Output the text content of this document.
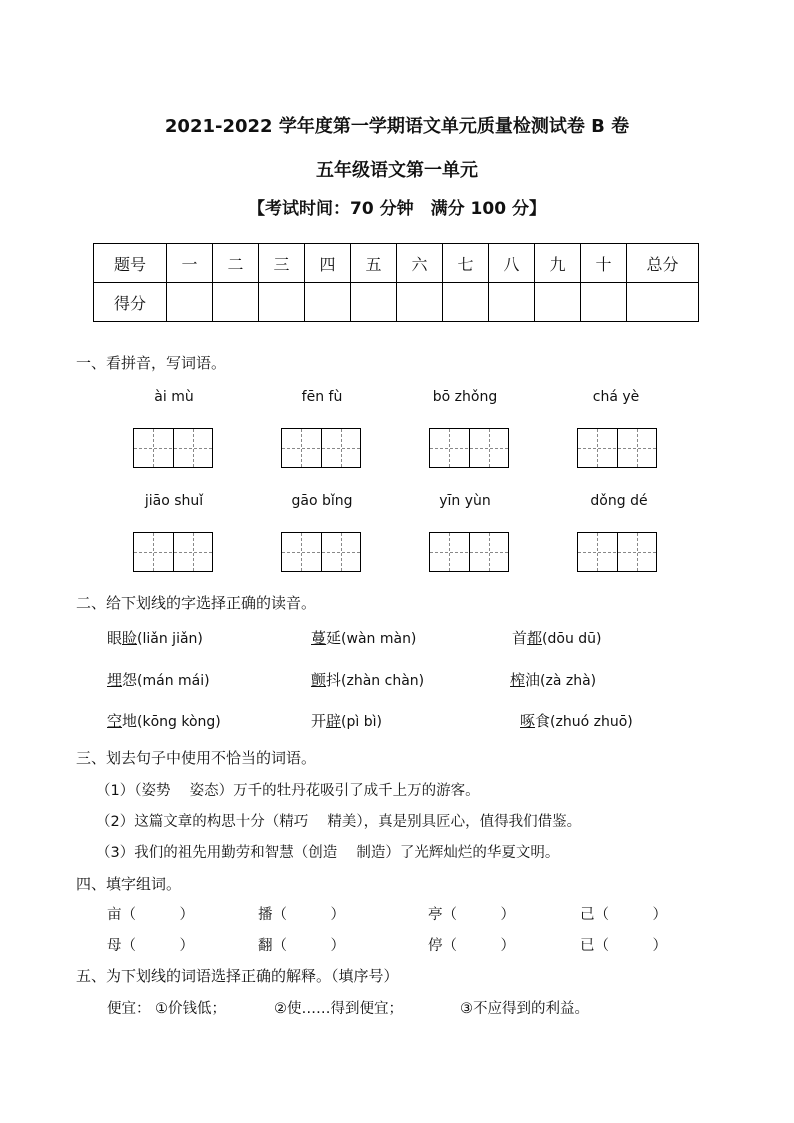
2021-2022 学年度第一学期语文单元质量检测试卷 B 卷
五年级语文第一单元
【考试时间：70 分钟　满分 100 分】
题号	一	二	三	四	五	六	七	八	九	十	总分
得分											
一、看拼音，写词语。
ài mù	fēn fù	bō zhǒng	chá yè
jiāo shuǐ	gāo bǐng	yīn yùn	dǒng dé
二、给下划线的字选择正确的读音。
眼睑(liǎn jiǎn)	蔓延(wàn màn)	首都(dōu dū)
埋怨(mán mái)	颤抖(zhàn chàn)	榨油(zà zhà)
空地(kōng kòng)	开辟(pì bì)	啄食(zhuó zhuō)
三、划去句子中使用不恰当的词语。
（1）（姿势　 姿态）万千的牡丹花吸引了成千上万的游客。
（2）这篇文章的构思十分（精巧　 精美），真是别具匠心，值得我们借鉴。
（3）我们的祖先用勤劳和智慧（创造　 制造）了光辉灿烂的华夏文明。
四、填字组词。
亩（　　　）	播（　　　）	亭（　　　）	己（　　　）
母（　　　）	翻（　　　）	停（　　　）	已（　　　）
五、为下划线的词语选择正确的解释。（填序号）
便宜： ①价钱低；	②使……得到便宜；	③不应得到的利益。
